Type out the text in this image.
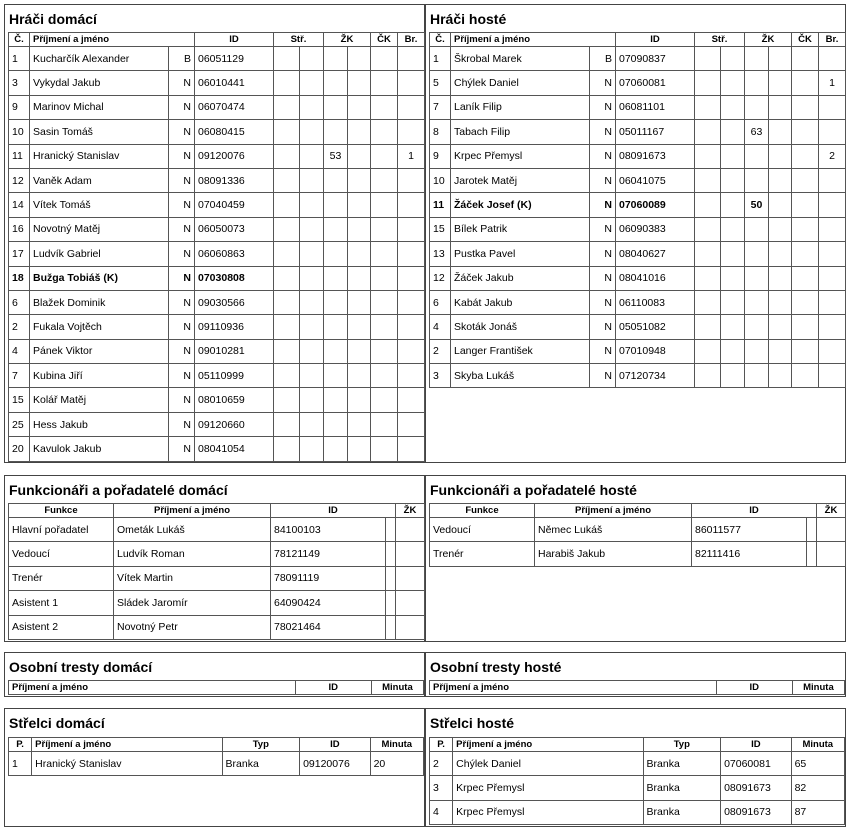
Hráči domácí
Č.	Příjmení a jméno		ID	Stř.		ŽK		ČK	Br.
1	Kucharčík Alexander	B	06051129						
3	Vykydal Jakub	N	06010441						
9	Marinov Michal	N	06070474						
10	Sasin Tomáš	N	06080415						
11	Hranický Stanislav	N	09120076			53			1
12	Vaněk Adam	N	08091336						
14	Vítek Tomáš	N	07040459						
16	Novotný Matěj	N	06050073						
17	Ludvík Gabriel	N	06060863						
18	Bužga Tobiáš (K)	N	07030808						
6	Blažek Dominik	N	09030566						
2	Fukala Vojtěch	N	09110936						
4	Pánek Viktor	N	09010281						
7	Kubina Jiří	N	05110999						
15	Kolář Matěj	N	08010659						
25	Hess Jakub	N	09120660						
20	Kavulok Jakub	N	08041054						
Hráči hosté
Č.	Příjmení a jméno		ID	Stř.		ŽK		ČK	Br.
1	Škrobal Marek	B	07090837						
5	Chýlek Daniel	N	07060081						1
7	Laník Filip	N	06081101						
8	Tabach Filip	N	05011167			63			
9	Krpec Přemysl	N	08091673						2
10	Jarotek Matěj	N	06041075						
11	Žáček Josef (K)	N	07060089			50			
15	Bílek Patrik	N	06090383						
13	Pustka Pavel	N	08040627						
12	Žáček Jakub	N	08041016						
6	Kabát Jakub	N	06110083						
4	Skoták Jonáš	N	05051082						
2	Langer František	N	07010948						
3	Skyba Lukáš	N	07120734						
Funkcionáři a pořadatelé domácí
Funkce	Příjmení a jméno	ID		ŽK
Hlavní pořadatel	Ometák Lukáš	84100103		
Vedoucí	Ludvík Roman	78121149		
Trenér	Vítek Martin	78091119		
Asistent 1	Sládek Jaromír	64090424		
Asistent 2	Novotný Petr	78021464		
Funkcionáři a pořadatelé hosté
Funkce	Příjmení a jméno	ID		ŽK
Vedoucí	Němec Lukáš	86011577		
Trenér	Harabiš Jakub	82111416		
Osobní tresty domácí
Příjmení a jméno	ID	Minuta
Osobní tresty hosté
Příjmení a jméno	ID	Minuta
Střelci domácí
P.	Příjmení a jméno	Typ	ID	Minuta
1	Hranický Stanislav	Branka	09120076	20
Střelci hosté
P.	Příjmení a jméno	Typ	ID	Minuta
2	Chýlek Daniel	Branka	07060081	65
3	Krpec Přemysl	Branka	08091673	82
4	Krpec Přemysl	Branka	08091673	87
